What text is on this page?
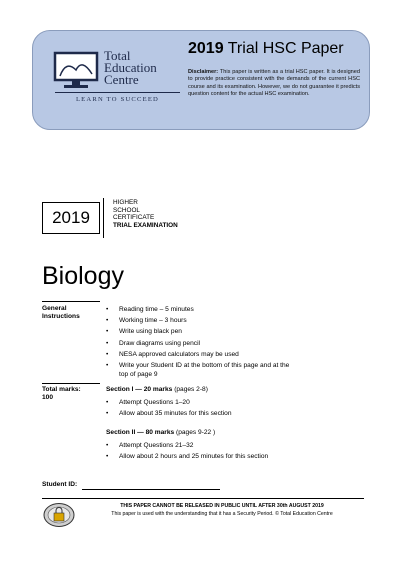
Total
Education
Centre
LEARN TO SUCCEED
2019 Trial HSC Paper
Disclaimer: This paper is written as a trial HSC paper. It is designed to provide practice consistent with the demands of the current HSC course and its examination. However, we do not guarantee it predicts question content for the actual HSC examination.
2019
HIGHER
SCHOOL
CERTIFICATE
TRIAL EXAMINATION
Biology
General
Instructions
• Reading time – 5 minutes
• Working time – 3 hours
• Write using black pen
• Draw diagrams using pencil
• NESA approved calculators may be used
• Write your Student ID at the bottom of this page and at the
top of page 9
Total marks:
100
Section I — 20 marks (pages 2-8)
• Attempt Questions 1–20
• Allow about 35 minutes for this section
Section II — 80 marks (pages 9-22 )
• Attempt Questions 21–32
• Allow about 2 hours and 25 minutes for this section
Student ID:
THIS PAPER CANNOT BE RELEASED IN PUBLIC UNTIL AFTER 30th AUGUST 2019
This paper is used with the understanding that it has a Security Period. © Total Education Centre
